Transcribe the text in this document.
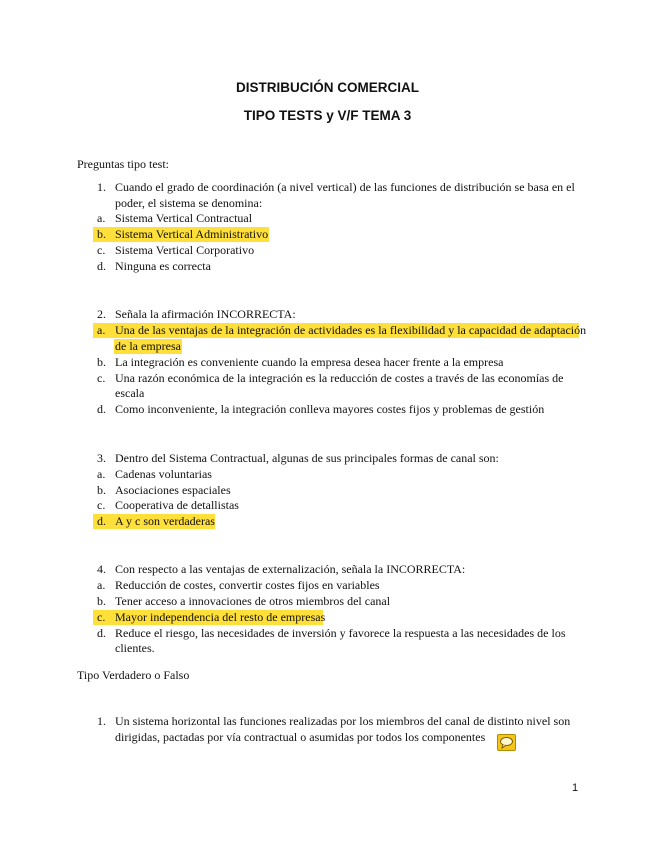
DISTRIBUCIÓN COMERCIAL
TIPO TESTS y V/F TEMA 3
Preguntas tipo test:
1. Cuando el grado de coordinación (a nivel vertical) de las funciones de distribución se basa en el
poder, el sistema se denomina:
a. Sistema Vertical Contractual
b. Sistema Vertical Administrativo
c. Sistema Vertical Corporativo
d. Ninguna es correcta
2. Señala la afirmación INCORRECTA:
a. Una de las ventajas de la integración de actividades es la flexibilidad y la capacidad de adaptación
de la empresa
b. La integración es conveniente cuando la empresa desea hacer frente a la empresa
c. Una razón económica de la integración es la reducción de costes a través de las economías de
escala
d. Como inconveniente, la integración conlleva mayores costes fijos y problemas de gestión
3. Dentro del Sistema Contractual, algunas de sus principales formas de canal son:
a. Cadenas voluntarias
b. Asociaciones espaciales
c. Cooperativa de detallistas
d. A y c son verdaderas
4. Con respecto a las ventajas de externalización, señala la INCORRECTA:
a. Reducción de costes, convertir costes fijos en variables
b. Tener acceso a innovaciones de otros miembros del canal
c. Mayor independencia del resto de empresas
d. Reduce el riesgo, las necesidades de inversión y favorece la respuesta a las necesidades de los
clientes.
Tipo Verdadero o Falso
1. Un sistema horizontal las funciones realizadas por los miembros del canal de distinto nivel son
dirigidas, pactadas por vía contractual o asumidas por todos los componentes
1
